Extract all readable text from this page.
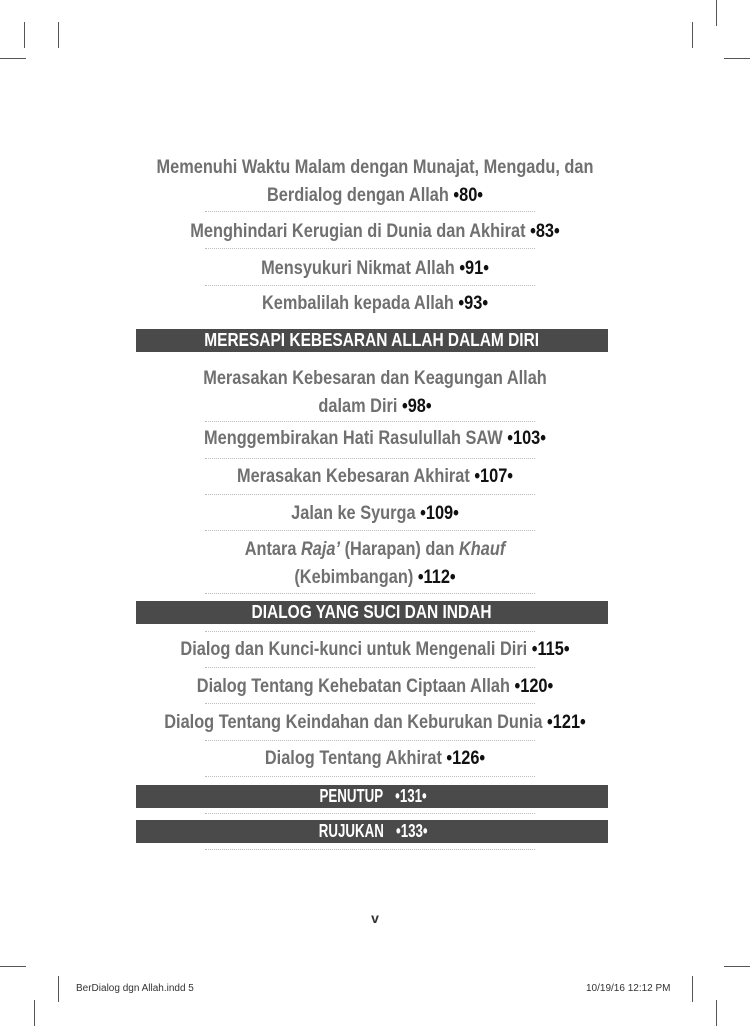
Memenuhi Waktu Malam dengan Munajat, Mengadu, dan
Berdialog dengan Allah •80•
Menghindari Kerugian di Dunia dan Akhirat •83•
Mensyukuri Nikmat Allah •91•
Kembalilah kepada Allah •93•
MERESAPI KEBESARAN ALLAH DALAM DIRI
Merasakan Kebesaran dan Keagungan Allah
dalam Diri •98•
Menggembirakan Hati Rasulullah SAW •103•
Merasakan Kebesaran Akhirat •107•
Jalan ke Syurga •109•
Antara Raja’ (Harapan) dan Khauf
(Kebimbangan) •112•
DIALOG YANG SUCI DAN INDAH
Dialog dan Kunci-kunci untuk Mengenali Diri •115•
Dialog Tentang Kehebatan Ciptaan Allah •120•
Dialog Tentang Keindahan dan Keburukan Dunia •121•
Dialog Tentang Akhirat •126•
PENUTUP •131•
RUJUKAN •133•
v
BerDialog dgn Allah.indd 5	10/19/16 12:12 PM
